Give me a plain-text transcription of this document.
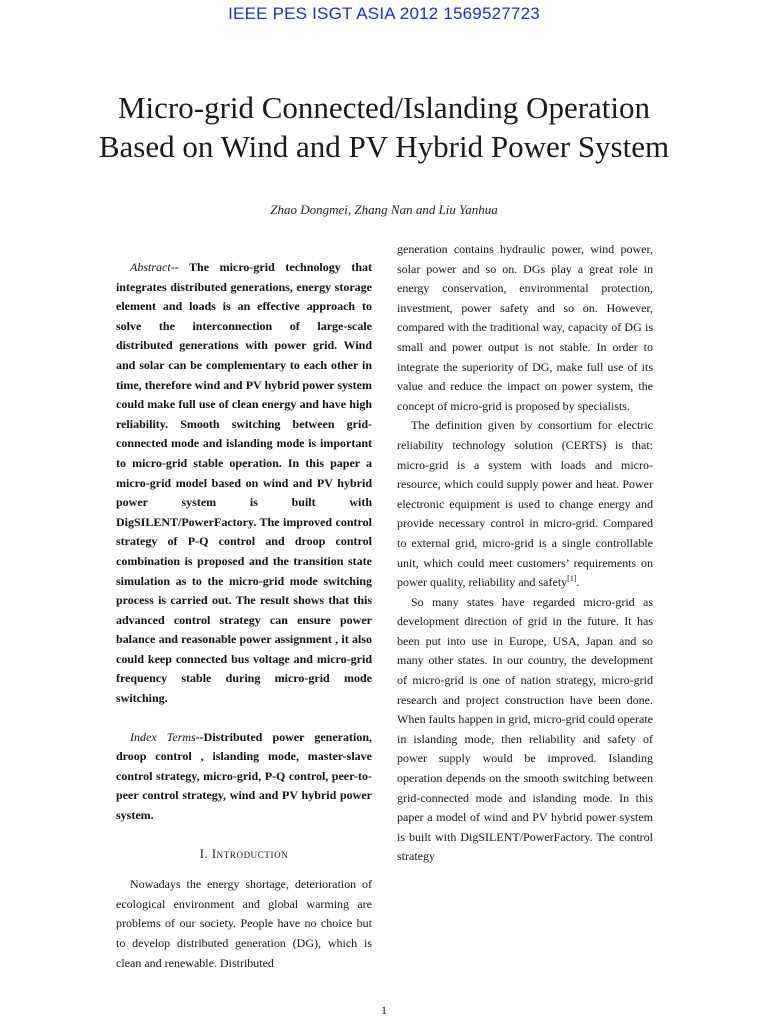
IEEE PES ISGT ASIA 2012 1569527723
Micro-grid Connected/Islanding Operation Based on Wind and PV Hybrid Power System
Zhao Dongmei, Zhang Nan and Liu Yanhua

Abstract-- The micro-grid technology that integrates distributed generations, energy storage element and loads is an effective approach to solve the interconnection of large-scale distributed generations with power grid. Wind and solar can be complementary to each other in time, therefore wind and PV hybrid power system could make full use of clean energy and have high reliability. Smooth switching between grid-connected mode and islanding mode is important to micro-grid stable operation. In this paper a micro-grid model based on wind and PV hybrid power system is built with DigSILENT/PowerFactory. The improved control strategy of P-Q control and droop control combination is proposed and the transition state simulation as to the micro-grid mode switching process is carried out. The result shows that this advanced control strategy can ensure power balance and reasonable power assignment , it also could keep connected bus voltage and micro-grid frequency stable during micro-grid mode switching.

Index Terms--Distributed power generation, droop control , islanding mode, master-slave control strategy, micro-grid, P-Q control, peer-to-peer control strategy, wind and PV hybrid power system.

I. Introduction

Nowadays the energy shortage, deterioration of ecological environment and global warming are problems of our society. People have no choice but to develop distributed generation (DG), which is clean and renewable. Distributed

generation contains hydraulic power, wind power, solar power and so on. DGs play a great role in energy conservation, environmental protection, investment, power safety and so on. However, compared with the traditional way, capacity of DG is small and power output is not stable. In order to integrate the superiority of DG, make full use of its value and reduce the impact on power system, the concept of micro-grid is proposed by specialists.

The definition given by consortium for electric reliability technology solution (CERTS) is that: micro-grid is a system with loads and micro-resource, which could supply power and heat. Power electronic equipment is used to change energy and provide necessary control in micro-grid. Compared to external grid, micro-grid is a single controllable unit, which could meet customers’ requirements on power quality, reliability and safety[1].

So many states have regarded micro-grid as development direction of grid in the future. It has been put into use in Europe, USA, Japan and so many other states. In our country, the development of micro-grid is one of nation strategy, micro-grid research and project construction have been done. When faults happen in grid, micro-grid could operate in islanding mode, then reliability and safety of power supply would be improved. Islanding operation depends on the smooth switching between grid-connected mode and islanding mode. In this paper a model of wind and PV hybrid power system is built with DigSILENT/PowerFactory. The control strategy

1
